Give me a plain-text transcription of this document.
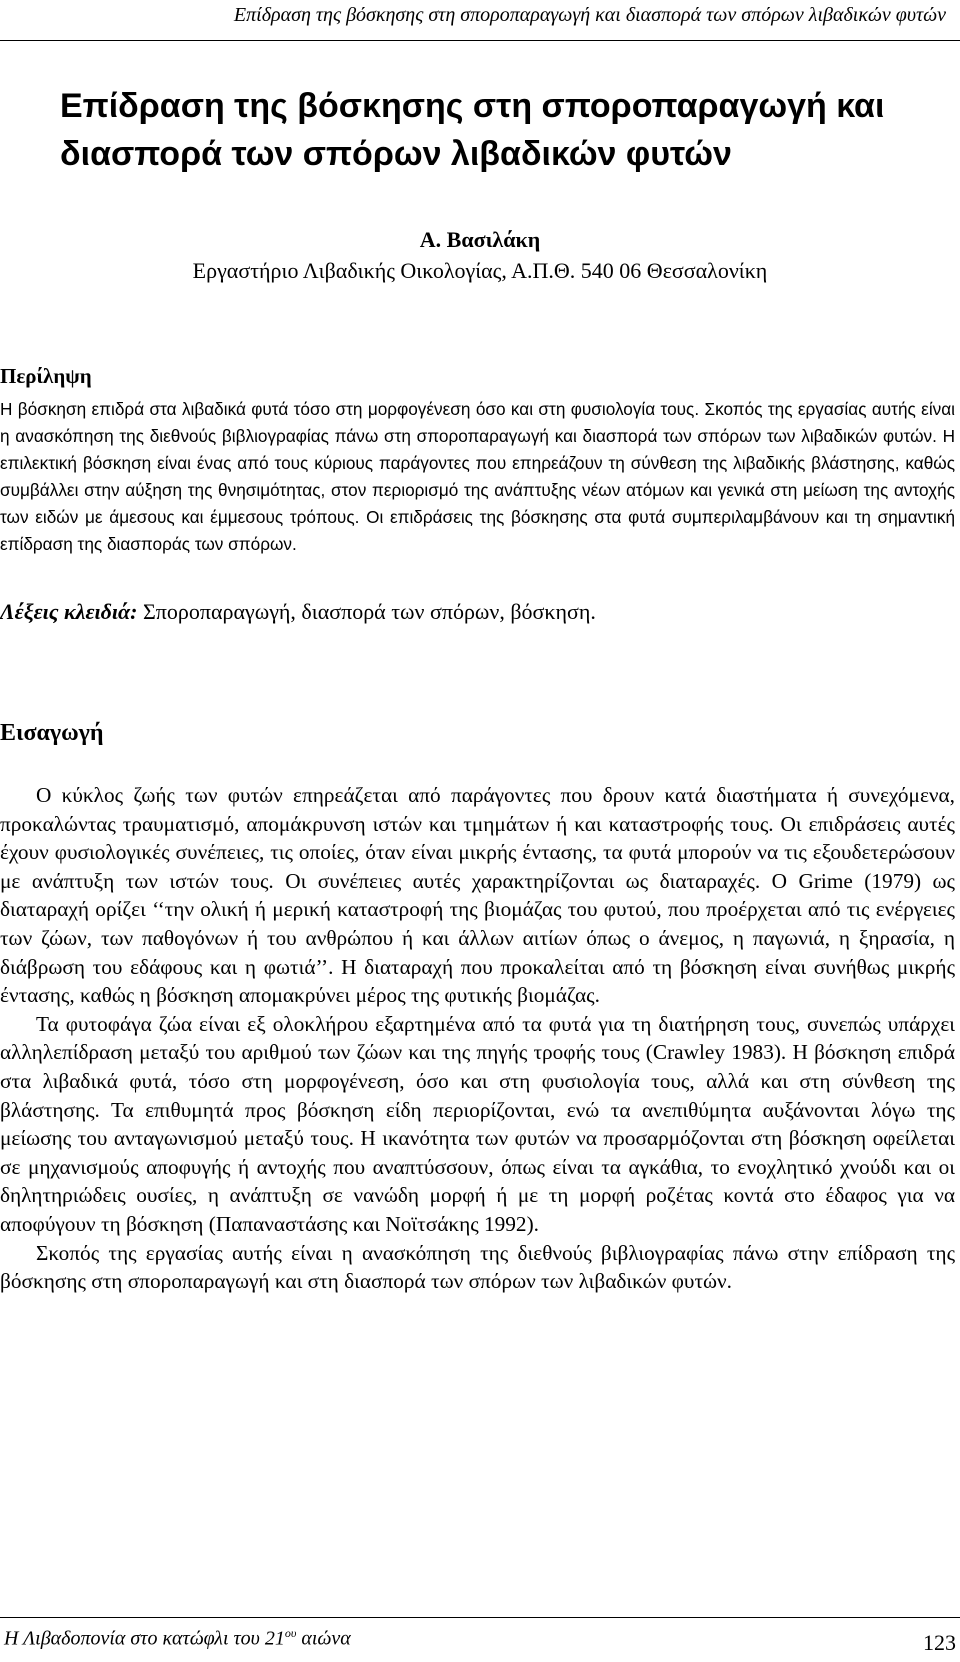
Επίδραση της βόσκησης στη σποροπαραγωγή και διασπορά των σπόρων λιβαδικών φυτών
Επίδραση της βόσκησης στη σποροπαραγωγή και
διασπορά των σπόρων λιβαδικών φυτών
Α. Βασιλάκη
Εργαστήριο Λιβαδικής Οικολογίας, Α.Π.Θ. 540 06 Θεσσαλονίκη
Περίληψη

Η βόσκηση επιδρά στα λιβαδικά φυτά τόσο στη μορφογένεση όσο και στη φυσιολογία τους. Σκοπός της εργασίας αυτής είναι η ανασκόπηση της διεθνούς βιβλιογραφίας πάνω στη σποροπαραγωγή και διασπορά των σπόρων των λιβαδικών φυτών. Η επιλεκτική βόσκηση είναι ένας από τους κύριους παράγοντες που επηρεάζουν τη σύνθεση της λιβαδικής βλάστησης, καθώς συμβάλλει στην αύξηση της θνησιμότητας, στον περιορισμό της ανάπτυξης νέων ατόμων και γενικά στη μείωση της αντοχής των ειδών με άμεσους και έμμεσους τρόπους. Οι επιδράσεις της βόσκησης στα φυτά συμπεριλαμβάνουν και τη σημαντική επίδραση της διασποράς των σπόρων.

Λέξεις κλειδιά: Σποροπαραγωγή, διασπορά των σπόρων, βόσκηση.
Εισαγωγή

Ο κύκλος ζωής των φυτών επηρεάζεται από παράγοντες που δρουν κατά διαστήματα ή συνεχόμενα, προκαλώντας τραυματισμό, απομάκρυνση ιστών και τμημάτων ή και καταστροφής τους. Οι επιδράσεις αυτές έχουν φυσιολογικές συνέπειες, τις οποίες, όταν είναι μικρής έντασης, τα φυτά μπορούν να τις εξουδετερώσουν με ανάπτυξη των ιστών τους. Οι συνέπειες αυτές χαρακτηρίζονται ως διαταραχές. Ο Grime (1979) ως διαταραχή ορίζει ‘‘την ολική ή μερική καταστροφή της βιομάζας του φυτού, που προέρχεται από τις ενέργειες των ζώων, των παθογόνων ή του ανθρώπου ή και άλλων αιτίων όπως ο άνεμος, η παγωνιά, η ξηρασία, η διάβρωση του εδάφους και η φωτιά’’. Η διαταραχή που προκαλείται από τη βόσκηση είναι συνήθως μικρής έντασης, καθώς η βόσκηση απομακρύνει μέρος της φυτικής βιομάζας.

Τα φυτοφάγα ζώα είναι εξ ολοκλήρου εξαρτημένα από τα φυτά για τη διατήρηση τους, συνεπώς υπάρχει αλληλεπίδραση μεταξύ του αριθμού των ζώων και της πηγής τροφής τους (Crawley 1983). Η βόσκηση επιδρά στα λιβαδικά φυτά, τόσο στη μορφογένεση, όσο και στη φυσιολογία τους, αλλά και στη σύνθεση της βλάστησης. Τα επιθυμητά προς βόσκηση είδη περιορίζονται, ενώ τα ανεπιθύμητα αυξάνονται λόγω της μείωσης του ανταγωνισμού μεταξύ τους. Η ικανότητα των φυτών να προσαρμόζονται στη βόσκηση οφείλεται σε μηχανισμούς αποφυγής ή αντοχής που αναπτύσσουν, όπως είναι τα αγκάθια, το ενοχλητικό χνούδι και οι δηλητηριώδεις ουσίες, η ανάπτυξη σε νανώδη μορφή ή με τη μορφή ροζέτας κοντά στο έδαφος για να αποφύγουν τη βόσκηση (Παπαναστάσης και Νοϊτσάκης 1992).

Σκοπός της εργασίας αυτής είναι η ανασκόπηση της διεθνούς βιβλιογραφίας πάνω στην επίδραση της βόσκησης στη σποροπαραγωγή και στη διασπορά των σπόρων των λιβαδικών φυτών.

Η Λιβαδοπονία στο κατώφλι του $21^{o\upsilon}$ αιώνα	123
